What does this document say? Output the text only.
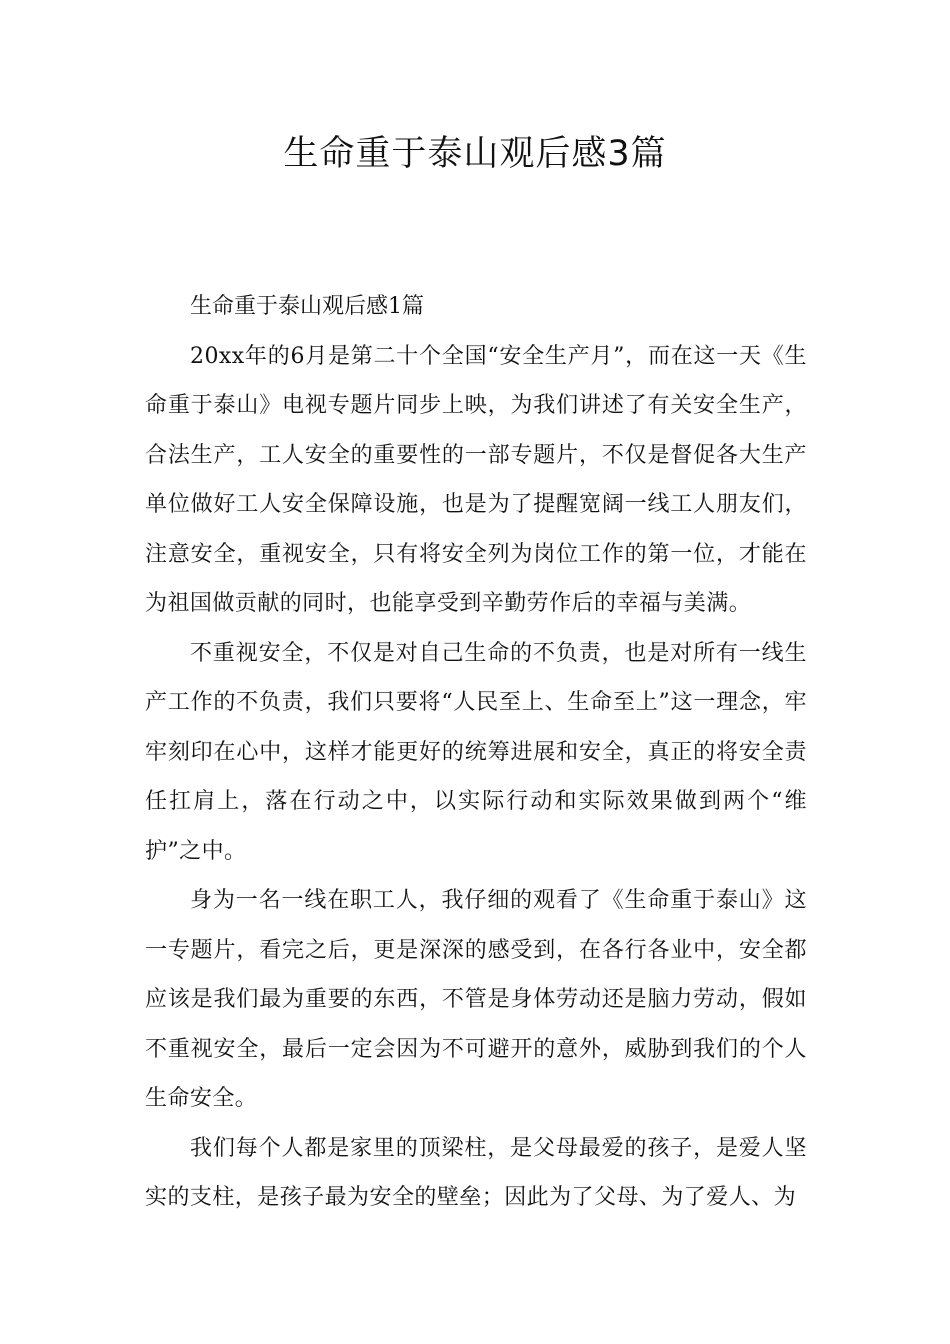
生命重于泰山观后感3篇

生命重于泰山观后感1篇

20xx年的6月是第二十个全国“安全生产月”，而在这一天《生命重于泰山》电视专题片同步上映，为我们讲述了有关安全生产，合法生产，工人安全的重要性的一部专题片，不仅是督促各大生产单位做好工人安全保障设施，也是为了提醒宽阔一线工人朋友们，注意安全，重视安全，只有将安全列为岗位工作的第一位，才能在为祖国做贡献的同时，也能享受到辛勤劳作后的幸福与美满。

不重视安全，不仅是对自己生命的不负责，也是对所有一线生产工作的不负责，我们只要将“人民至上、生命至上”这一理念，牢牢刻印在心中，这样才能更好的统筹进展和安全，真正的将安全责任扛肩上，落在行动之中，以实际行动和实际效果做到两个“维护”之中。

身为一名一线在职工人，我仔细的观看了《生命重于泰山》这一专题片，看完之后，更是深深的感受到，在各行各业中，安全都应该是我们最为重要的东西，不管是身体劳动还是脑力劳动，假如不重视安全，最后一定会因为不可避开的意外，威胁到我们的个人生命安全。

我们每个人都是家里的顶梁柱，是父母最爱的孩子，是爱人坚实的支柱，是孩子最为安全的壁垒；因此为了父母、为了爱人、为
